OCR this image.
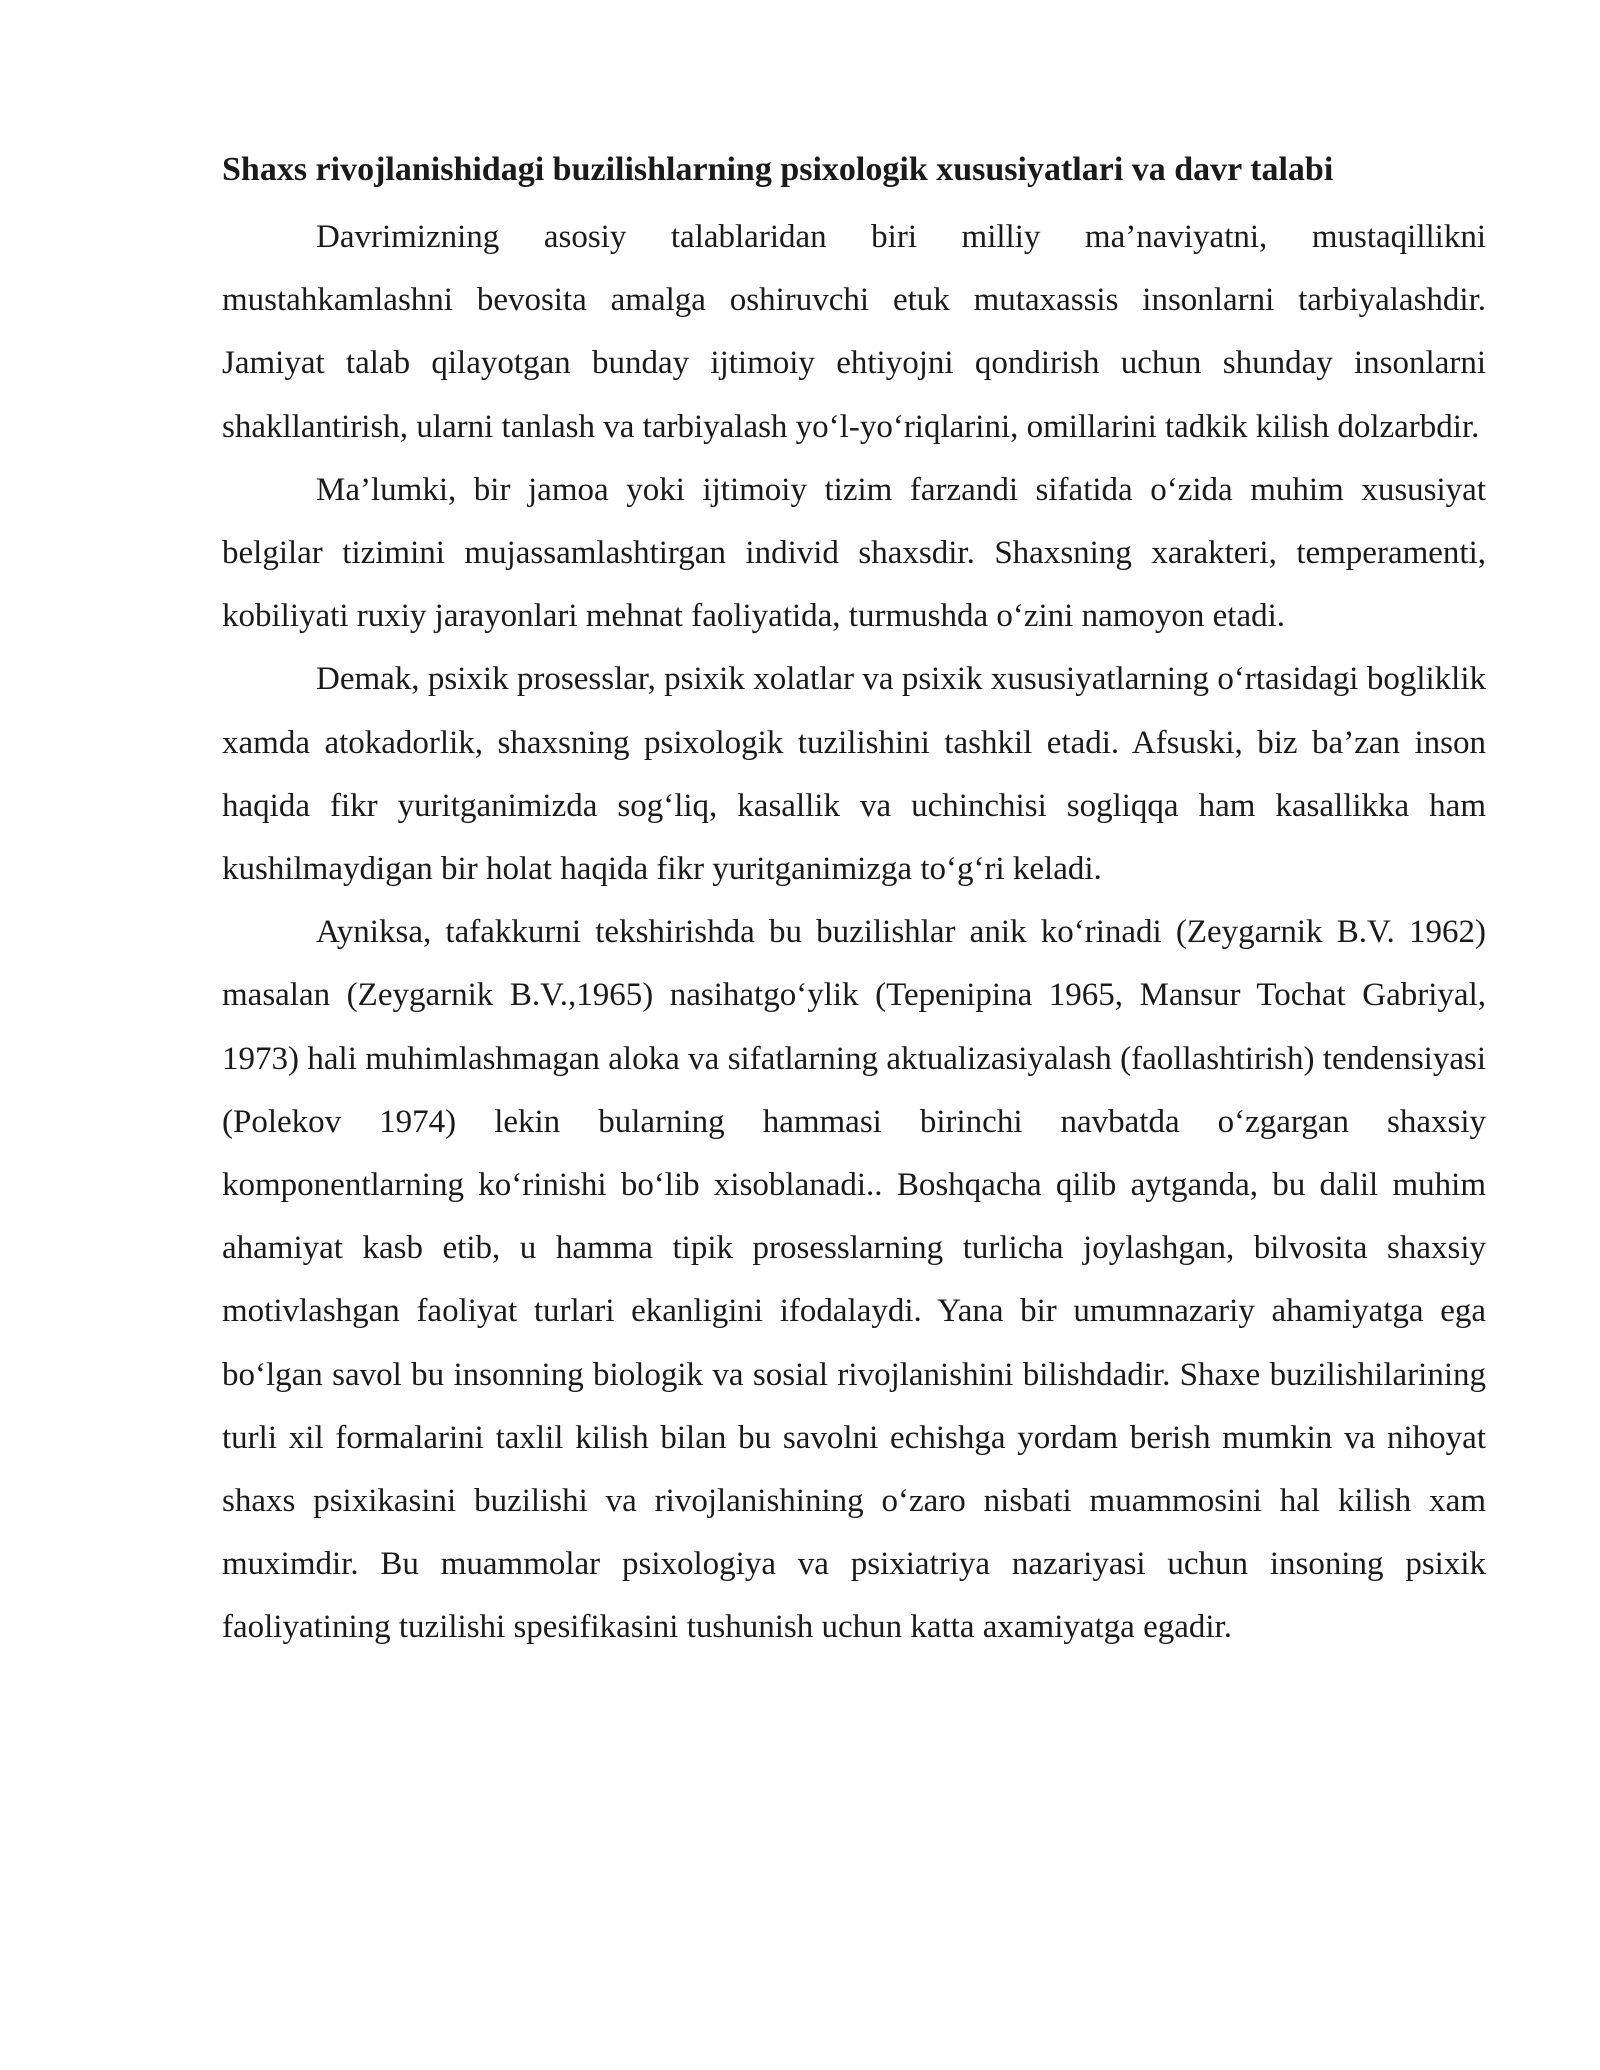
Shaxs rivojlanishidagi buzilishlarning psixologik xususiyatlari va davr talabi

Davrimizning asosiy talablaridan biri milliy ma’naviyatni, mustaqillikni mustahkamlashni bevosita amalga oshiruvchi etuk mutaxassis insonlarni tarbiyalashdir. Jamiyat talab qilayotgan bunday ijtimoiy ehtiyojni qondirish uchun shunday insonlarni shakllantirish, ularni tanlash va tarbiyalash yo‘l-yo‘riqlarini, omillarini tadkik kilish dolzarbdir.

Ma’lumki, bir jamoa yoki ijtimoiy tizim farzandi sifatida o‘zida muhim xususiyat belgilar tizimini mujassamlashtirgan individ shaxsdir. Shaxsning xarakteri, temperamenti, kobiliyati ruxiy jarayonlari mehnat faoliyatida, turmushda o‘zini namoyon etadi.

Demak, psixik prosesslar, psixik xolatlar va psixik xususiyatlarning o‘rtasidagi bogliklik xamda atokadorlik, shaxsning psixologik tuzilishini tashkil etadi. Afsuski, biz ba’zan inson haqida fikr yuritganimizda sog‘liq, kasallik va uchinchisi sogliqqa ham kasallikka ham kushilmaydigan bir holat haqida fikr yuritganimizga to‘g‘ri keladi.

Ayniksa, tafakkurni tekshirishda bu buzilishlar anik ko‘rinadi (Zeygarnik B.V. 1962) masalan (Zeygarnik B.V.,1965) nasihatgo‘ylik (Tepenipina 1965, Mansur Tochat Gabriyal, 1973) hali muhimlashmagan aloka va sifatlarning aktualizasiyalash (faollashtirish) tendensiyasi (Polekov 1974) lekin bularning hammasi birinchi navbatda o‘zgargan shaxsiy komponentlarning ko‘rinishi bo‘lib xisoblanadi.. Boshqacha qilib aytganda, bu dalil muhim ahamiyat kasb etib, u hamma tipik prosesslarning turlicha joylashgan, bilvosita shaxsiy motivlashgan faoliyat turlari ekanligini ifodalaydi. Yana bir umumnazariy ahamiyatga ega bo‘lgan savol bu insonning biologik va sosial rivojlanishini bilishdadir. Shaxe buzilishilarining turli xil formalarini taxlil kilish bilan bu savolni echishga yordam berish mumkin va nihoyat shaxs psixikasini buzilishi va rivojlanishining o‘zaro nisbati muammosini hal kilish xam muximdir. Bu muammolar psixologiya va psixiatriya nazariyasi uchun insoning psixik faoliyatining tuzilishi spesifikasini tushunish uchun katta axamiyatga egadir.
